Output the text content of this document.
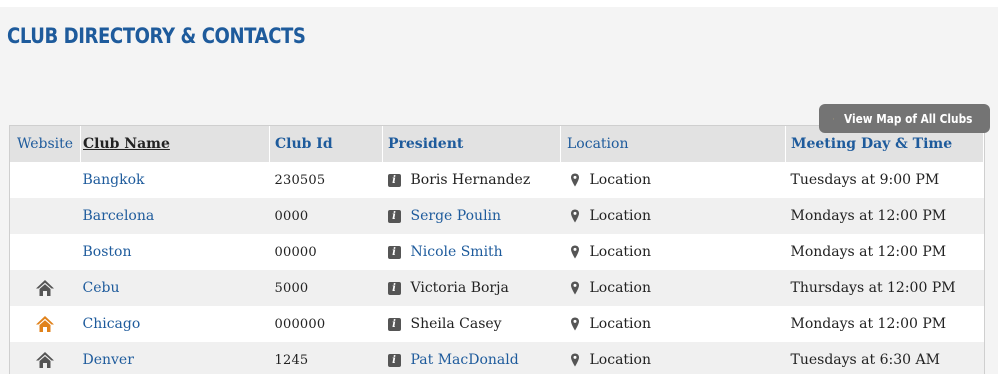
CLUB DIRECTORY & CONTACTS
Website	Club Name	Club Id	President	Location	Meeting Day & Time
	Bangkok	230505	i Boris Hernandez	Location	Tuesdays at 9:00 PM
	Barcelona	0000	i Serge Poulin	Location	Mondays at 12:00 PM
	Boston	00000	i Nicole Smith	Location	Mondays at 12:00 PM
	Cebu	5000	i Victoria Borja	Location	Thursdays at 12:00 PM
	Chicago	000000	i Sheila Casey	Location	Mondays at 12:00 PM
	Denver	1245	i Pat MacDonald	Location	Tuesdays at 6:30 AM
View Map of All Clubs
